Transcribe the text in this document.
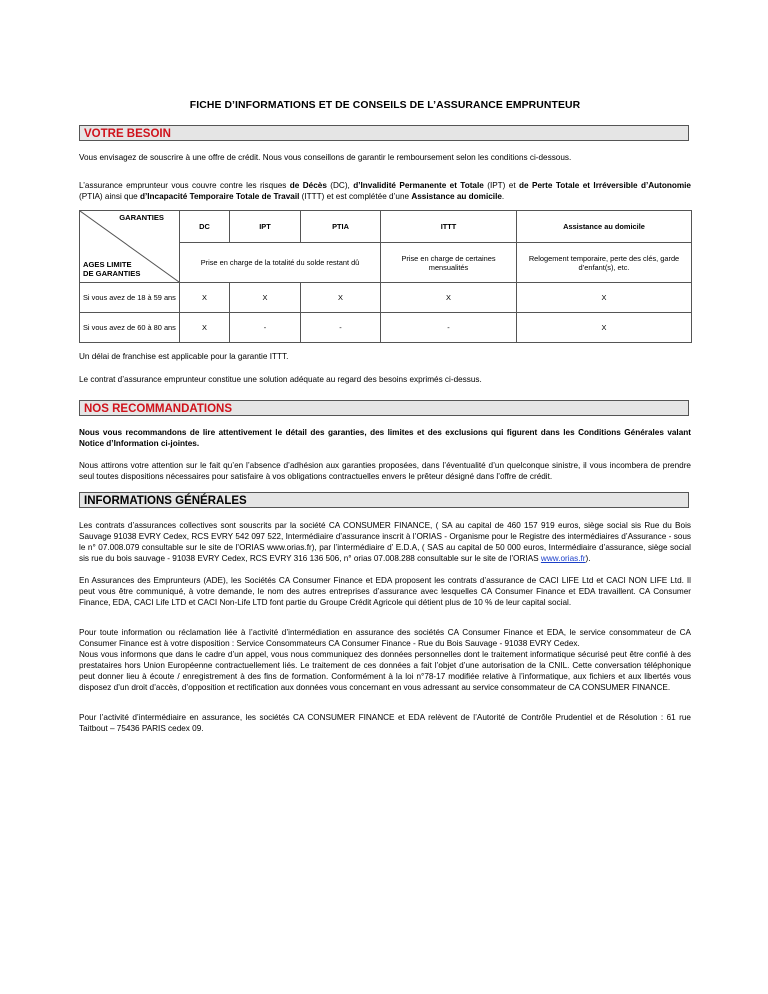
FICHE D’INFORMATIONS ET DE CONSEILS DE L’ASSURANCE EMPRUNTEUR
VOTRE BESOIN
Vous envisagez de souscrire à une offre de crédit. Nous vous conseillons de garantir le remboursement selon les conditions ci-dessous.
L’assurance emprunteur vous couvre contre les risques de Décès (DC), d’Invalidité Permanente et Totale (IPT) et de Perte Totale et Irréversible d’Autonomie (PTIA) ainsi que d’Incapacité Temporaire Totale de Travail (ITTT) et est complétée d’une Assistance au domicile.
GARANTIES
AGES LIMITE
DE GARANTIES	DC	IPT	PTIA	ITTT	Assistance au domicile
	Prise en charge de la totalité du solde restant dû			Prise en charge de certaines mensualités	Relogement temporaire, perte des clés, garde d’enfant(s), etc.
Si vous avez de 18 à 59 ans	X	X	X	X	X
Si vous avez de 60 à 80 ans	X	-	-	-	X
Un délai de franchise est applicable pour la garantie ITTT.
Le contrat d’assurance emprunteur constitue une solution adéquate au regard des besoins exprimés ci-dessus.
NOS RECOMMANDATIONS
Nous vous recommandons de lire attentivement le détail des garanties, des limites et des exclusions qui figurent dans les Conditions Générales valant Notice d’Information ci-jointes.
Nous attirons votre attention sur le fait qu’en l’absence d’adhésion aux garanties proposées, dans l’éventualité d’un quelconque sinistre, il vous incombera de prendre seul toutes dispositions nécessaires pour satisfaire à vos obligations contractuelles envers le prêteur désigné dans l’offre de crédit.
INFORMATIONS GÉNÉRALES
Les contrats d’assurances collectives sont souscrits par la société CA CONSUMER FINANCE, ( SA au capital de 460 157 919 euros, siège social sis Rue du Bois Sauvage 91038 EVRY Cedex, RCS EVRY 542 097 522, Intermédiaire d’assurance inscrit à l’ORIAS - Organisme pour le Registre des intermédiaires d’Assurance - sous le n° 07.008.079 consultable sur le site de l’ORIAS www.orias.fr), par l’intermédiaire d’ E.D.A, ( SAS au capital de 50 000 euros, Intermédiaire d’assurance, siège social sis rue du bois sauvage - 91038 EVRY Cedex, RCS EVRY 316 136 506, n° orias 07.008.288 consultable sur le site de l’ORIAS www.orias.fr).
En Assurances des Emprunteurs (ADE), les Sociétés CA Consumer Finance et EDA proposent les contrats d’assurance de CACI LIFE Ltd et CACI NON LIFE Ltd. Il peut vous être communiqué, à votre demande, le nom des autres entreprises d’assurance avec lesquelles CA Consumer Finance et EDA travaillent. CA Consumer Finance, EDA, CACI Life LTD et CACI Non-Life LTD font partie du Groupe Crédit Agricole qui détient plus de 10 % de leur capital social.
Pour toute information ou réclamation liée à l’activité d’intermédiation en assurance des sociétés CA Consumer Finance et EDA, le service consommateur de CA Consumer Finance est à votre disposition : Service Consommateurs CA Consumer Finance - Rue du Bois Sauvage - 91038 EVRY Cedex.
Nous vous informons que dans le cadre d’un appel, vous nous communiquez des données personnelles dont le traitement informatique sécurisé peut être confié à des prestataires hors Union Européenne contractuellement liés. Le traitement de ces données a fait l’objet d’une autorisation de la CNIL. Cette conversation téléphonique peut donner lieu à écoute / enregistrement à des fins de formation. Conformément à la loi n°78-17 modifiée relative à l’informatique, aux fichiers et aux libertés vous disposez d’un droit d’accès, d’opposition et rectification aux données vous concernant en vous adressant au service consommateur de CA CONSUMER FINANCE.
Pour l’activité d’intermédiaire en assurance, les sociétés CA CONSUMER FINANCE et EDA relèvent de l’Autorité de Contrôle Prudentiel et de Résolution : 61 rue Taitbout – 75436 PARIS cedex 09.
